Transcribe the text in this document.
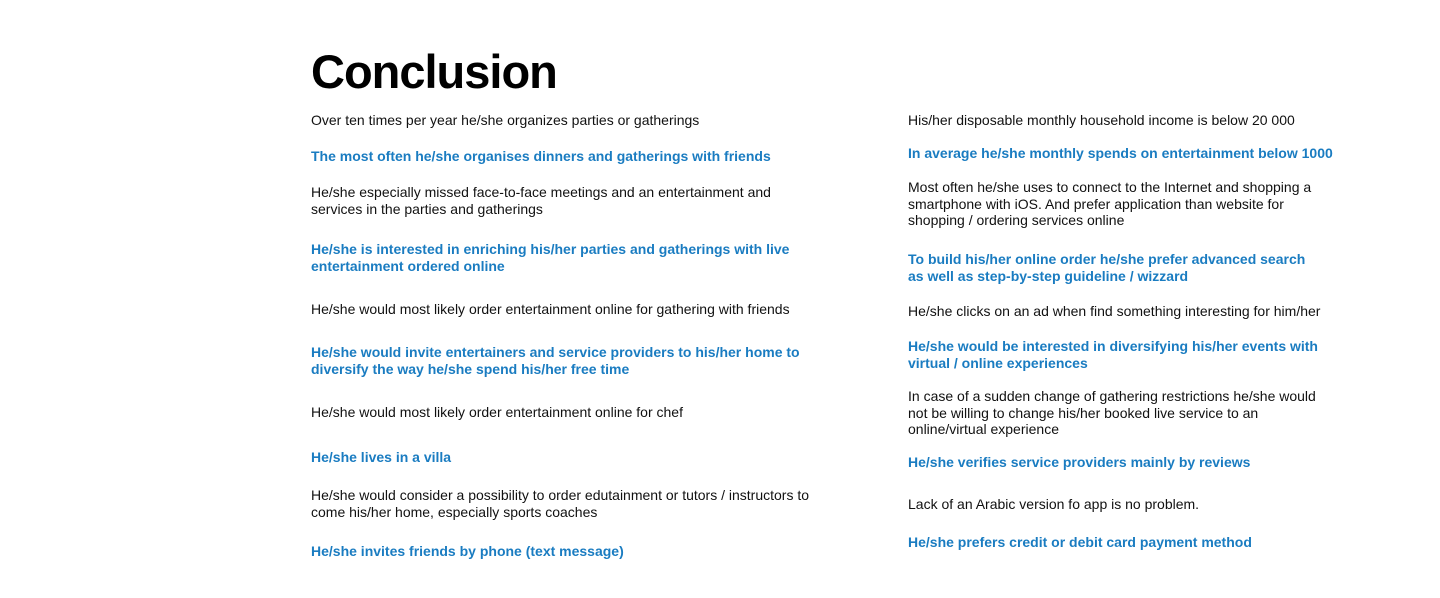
Conclusion

Over ten times per year he/she organizes parties or gatherings

The most often he/she organises dinners and gatherings with friends

He/she especially missed face-to-face meetings and an entertainment and services in the parties and gatherings

He/she is interested in enriching his/her parties and gatherings with live entertainment ordered online

He/she would most likely order entertainment online for gathering with friends

He/she would invite entertainers and service providers to his/her home to diversify the way he/she spend his/her free time

He/she would most likely order entertainment online for chef

He/she lives in a villa

He/she would consider a possibility to order edutainment or tutors / instructors to come his/her home, especially sports coaches

He/she invites friends by phone (text message)

His/her disposable monthly household income is below 20 000

In average he/she monthly spends on entertainment below 1000

Most often he/she uses to connect to the Internet and shopping a smartphone with iOS. And prefer application than website for shopping / ordering services online

To build his/her online order he/she prefer advanced search as well as step-by-step guideline / wizzard

He/she clicks on an ad when find something interesting for him/her

He/she would be interested in diversifying his/her events with virtual / online experiences

In case of a sudden change of gathering restrictions he/she would not be willing to change his/her booked live service to an online/virtual experience

He/she verifies service providers mainly by reviews

Lack of an Arabic version fo app is no problem.

He/she prefers credit or debit card payment method
